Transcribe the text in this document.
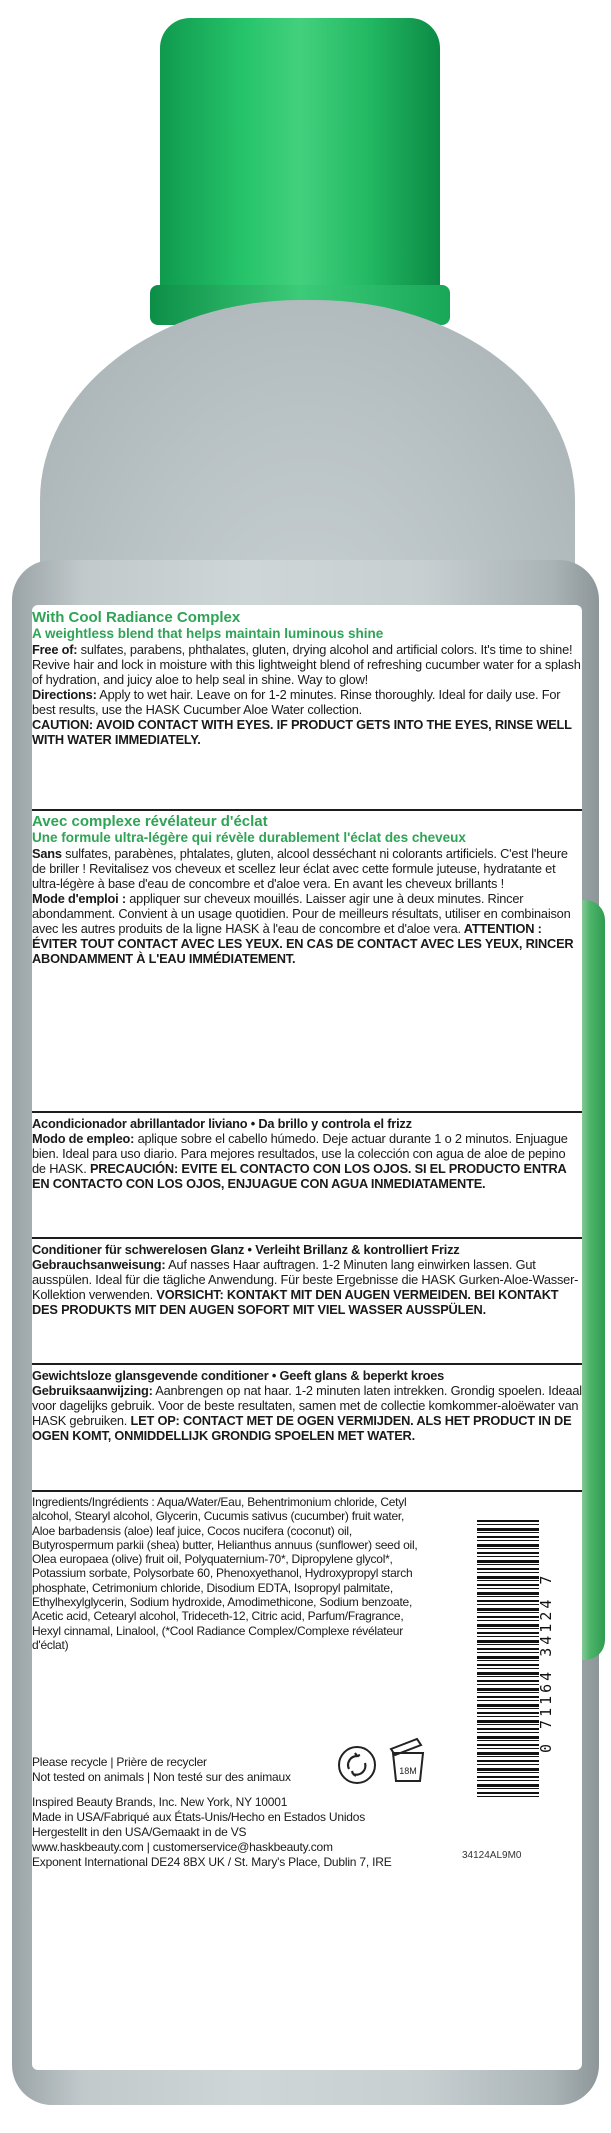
With Cool Radiance Complex
A weightless blend that helps maintain luminous shine
Free of: sulfates, parabens, phthalates, gluten, drying alcohol and artificial colors. It's time to shine! Revive hair and lock in moisture with this lightweight blend of refreshing cucumber water for a splash of hydration, and juicy aloe to help seal in shine. Way to glow!
Directions: Apply to wet hair. Leave on for 1-2 minutes. Rinse thoroughly. Ideal for daily use. For best results, use the HASK Cucumber Aloe Water collection.
CAUTION: AVOID CONTACT WITH EYES. IF PRODUCT GETS INTO THE EYES, RINSE WELL WITH WATER IMMEDIATELY.
Avec complexe révélateur d'éclat
Une formule ultra-légère qui révèle durablement l'éclat des cheveux
Sans sulfates, parabènes, phtalates, gluten, alcool desséchant ni colorants artificiels. C'est l'heure de briller ! Revitalisez vos cheveux et scellez leur éclat avec cette formule juteuse, hydratante et ultra-légère à base d'eau de concombre et d'aloe vera. En avant les cheveux brillants !
Mode d'emploi : appliquer sur cheveux mouillés. Laisser agir une à deux minutes. Rincer abondamment. Convient à un usage quotidien. Pour de meilleurs résultats, utiliser en combinaison avec les autres produits de la ligne HASK à l'eau de concombre et d'aloe vera. ATTENTION : ÉVITER TOUT CONTACT AVEC LES YEUX. EN CAS DE CONTACT AVEC LES YEUX, RINCER ABONDAMMENT À L'EAU IMMÉDIATEMENT.
Acondicionador abrillantador liviano • Da brillo y controla el frizz
Modo de empleo: aplique sobre el cabello húmedo. Deje actuar durante 1 o 2 minutos. Enjuague bien. Ideal para uso diario. Para mejores resultados, use la colección con agua de aloe de pepino de HASK. PRECAUCIÓN: EVITE EL CONTACTO CON LOS OJOS. SI EL PRODUCTO ENTRA EN CONTACTO CON LOS OJOS, ENJUAGUE CON AGUA INMEDIATAMENTE.
Conditioner für schwerelosen Glanz • Verleiht Brillanz & kontrolliert Frizz
Gebrauchsanweisung: Auf nasses Haar auftragen. 1-2 Minuten lang einwirken lassen. Gut ausspülen. Ideal für die tägliche Anwendung. Für beste Ergebnisse die HASK Gurken-Aloe-Wasser-Kollektion verwenden. VORSICHT: KONTAKT MIT DEN AUGEN VERMEIDEN. BEI KONTAKT DES PRODUKTS MIT DEN AUGEN SOFORT MIT VIEL WASSER AUSSPÜLEN.
Gewichtsloze glansgevende conditioner • Geeft glans & beperkt kroes
Gebruiksaanwijzing: Aanbrengen op nat haar. 1-2 minuten laten intrekken. Grondig spoelen. Ideaal voor dagelijks gebruik. Voor de beste resultaten, samen met de collectie komkommer-aloëwater van HASK gebruiken. LET OP: CONTACT MET DE OGEN VERMIJDEN. ALS HET PRODUCT IN DE OGEN KOMT, ONMIDDELLIJK GRONDIG SPOELEN MET WATER.
Ingredients/Ingrédients : Aqua/Water/Eau, Behentrimonium chloride, Cetyl alcohol, Stearyl alcohol, Glycerin, Cucumis sativus (cucumber) fruit water, Aloe barbadensis (aloe) leaf juice, Cocos nucifera (coconut) oil, Butyrospermum parkii (shea) butter, Helianthus annuus (sunflower) seed oil, Olea europaea (olive) fruit oil, Polyquaternium-70*, Dipropylene glycol*, Potassium sorbate, Polysorbate 60, Phenoxyethanol, Hydroxypropyl starch phosphate, Cetrimonium chloride, Disodium EDTA, Isopropyl palmitate, Ethylhexylglycerin, Sodium hydroxide, Amodimethicone, Sodium benzoate, Acetic acid, Cetearyl alcohol, Trideceth-12, Citric acid, Parfum/Fragrance, Hexyl cinnamal, Linalool, (*Cool Radiance Complex/Complexe révélateur d'éclat)
Please recycle | Prière de recycler
Not tested on animals | Non testé sur des animaux
Inspired Beauty Brands, Inc. New York, NY 10001
Made in USA/Fabriqué aux États-Unis/Hecho en Estados Unidos
Hergestellt in den USA/Gemaakt in de VS
www.haskbeauty.com | customerservice@haskbeauty.com
Exponent International DE24 8BX UK / St. Mary's Place, Dublin 7, IRE
18M
0 71164 34124 7
34124AL9M0
